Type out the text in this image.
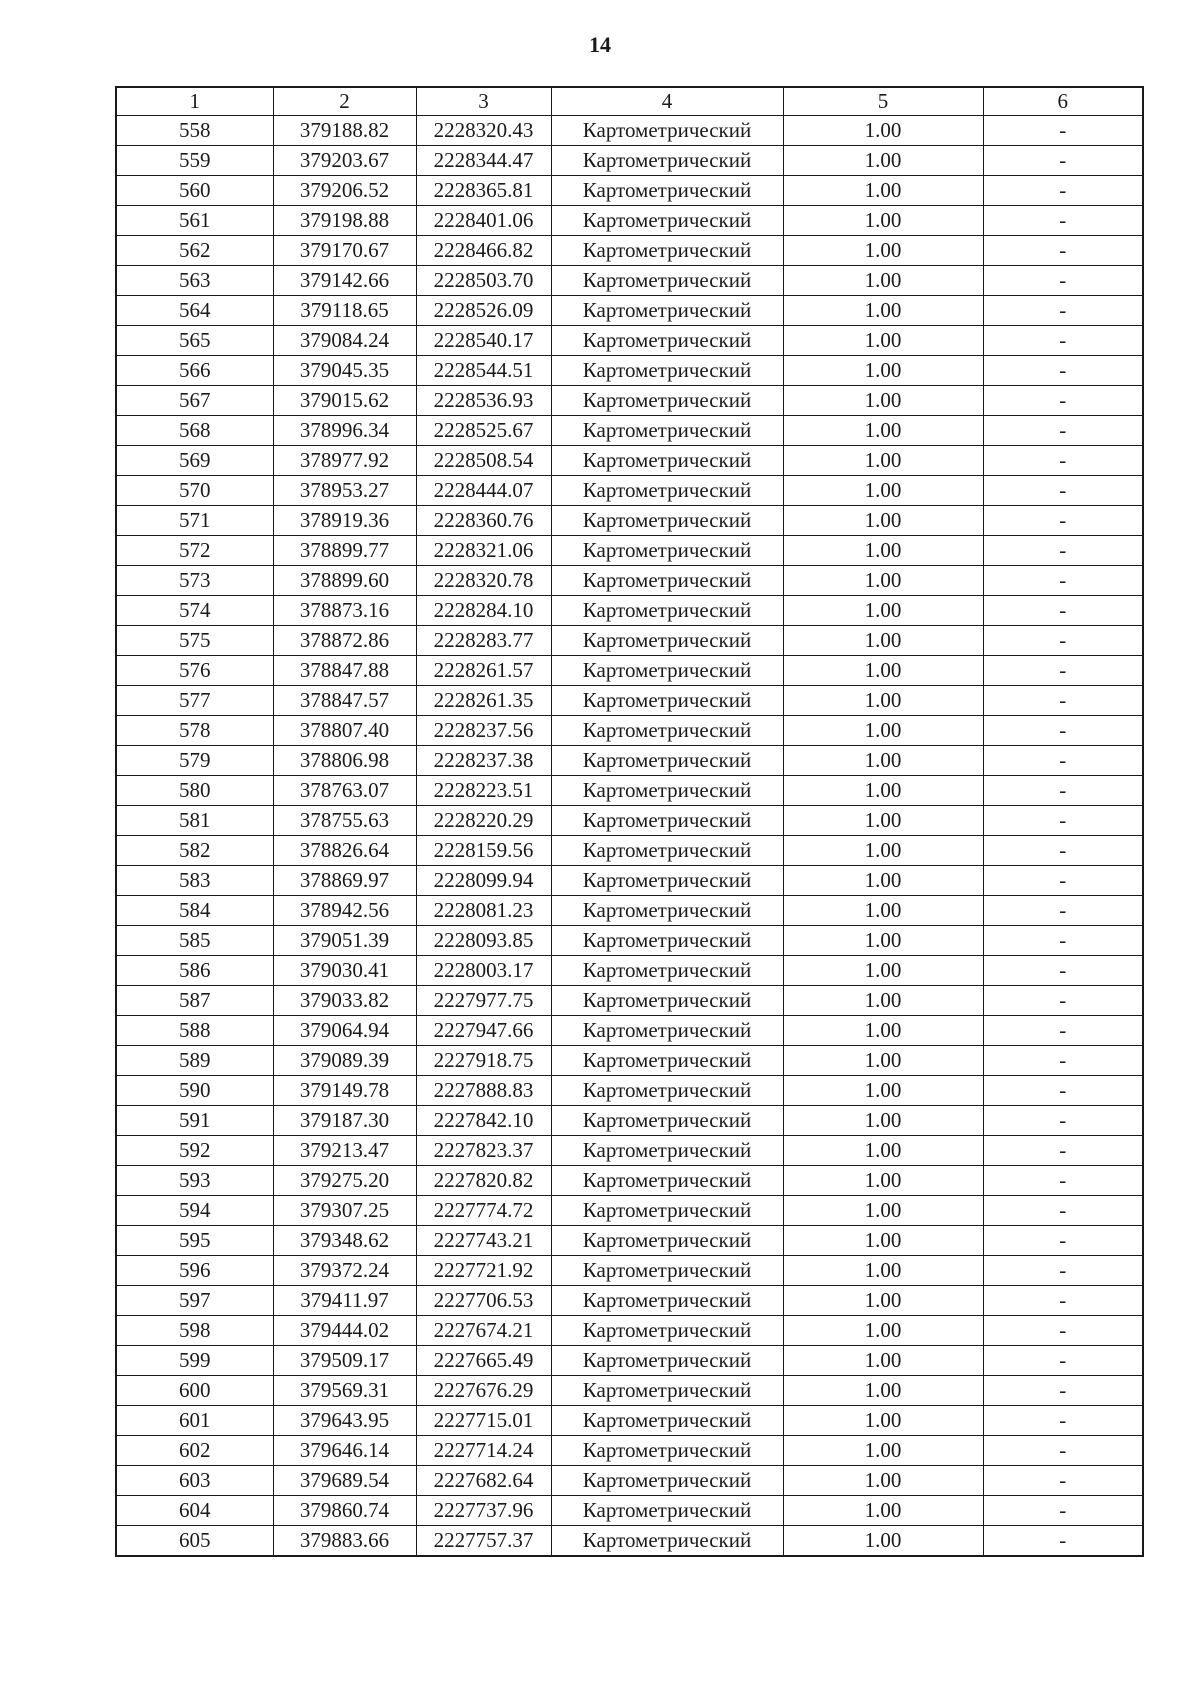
14
1	2	3	4	5	6
558	379188.82	2228320.43	Картометрический	1.00	-
559	379203.67	2228344.47	Картометрический	1.00	-
560	379206.52	2228365.81	Картометрический	1.00	-
561	379198.88	2228401.06	Картометрический	1.00	-
562	379170.67	2228466.82	Картометрический	1.00	-
563	379142.66	2228503.70	Картометрический	1.00	-
564	379118.65	2228526.09	Картометрический	1.00	-
565	379084.24	2228540.17	Картометрический	1.00	-
566	379045.35	2228544.51	Картометрический	1.00	-
567	379015.62	2228536.93	Картометрический	1.00	-
568	378996.34	2228525.67	Картометрический	1.00	-
569	378977.92	2228508.54	Картометрический	1.00	-
570	378953.27	2228444.07	Картометрический	1.00	-
571	378919.36	2228360.76	Картометрический	1.00	-
572	378899.77	2228321.06	Картометрический	1.00	-
573	378899.60	2228320.78	Картометрический	1.00	-
574	378873.16	2228284.10	Картометрический	1.00	-
575	378872.86	2228283.77	Картометрический	1.00	-
576	378847.88	2228261.57	Картометрический	1.00	-
577	378847.57	2228261.35	Картометрический	1.00	-
578	378807.40	2228237.56	Картометрический	1.00	-
579	378806.98	2228237.38	Картометрический	1.00	-
580	378763.07	2228223.51	Картометрический	1.00	-
581	378755.63	2228220.29	Картометрический	1.00	-
582	378826.64	2228159.56	Картометрический	1.00	-
583	378869.97	2228099.94	Картометрический	1.00	-
584	378942.56	2228081.23	Картометрический	1.00	-
585	379051.39	2228093.85	Картометрический	1.00	-
586	379030.41	2228003.17	Картометрический	1.00	-
587	379033.82	2227977.75	Картометрический	1.00	-
588	379064.94	2227947.66	Картометрический	1.00	-
589	379089.39	2227918.75	Картометрический	1.00	-
590	379149.78	2227888.83	Картометрический	1.00	-
591	379187.30	2227842.10	Картометрический	1.00	-
592	379213.47	2227823.37	Картометрический	1.00	-
593	379275.20	2227820.82	Картометрический	1.00	-
594	379307.25	2227774.72	Картометрический	1.00	-
595	379348.62	2227743.21	Картометрический	1.00	-
596	379372.24	2227721.92	Картометрический	1.00	-
597	379411.97	2227706.53	Картометрический	1.00	-
598	379444.02	2227674.21	Картометрический	1.00	-
599	379509.17	2227665.49	Картометрический	1.00	-
600	379569.31	2227676.29	Картометрический	1.00	-
601	379643.95	2227715.01	Картометрический	1.00	-
602	379646.14	2227714.24	Картометрический	1.00	-
603	379689.54	2227682.64	Картометрический	1.00	-
604	379860.74	2227737.96	Картометрический	1.00	-
605	379883.66	2227757.37	Картометрический	1.00	-
